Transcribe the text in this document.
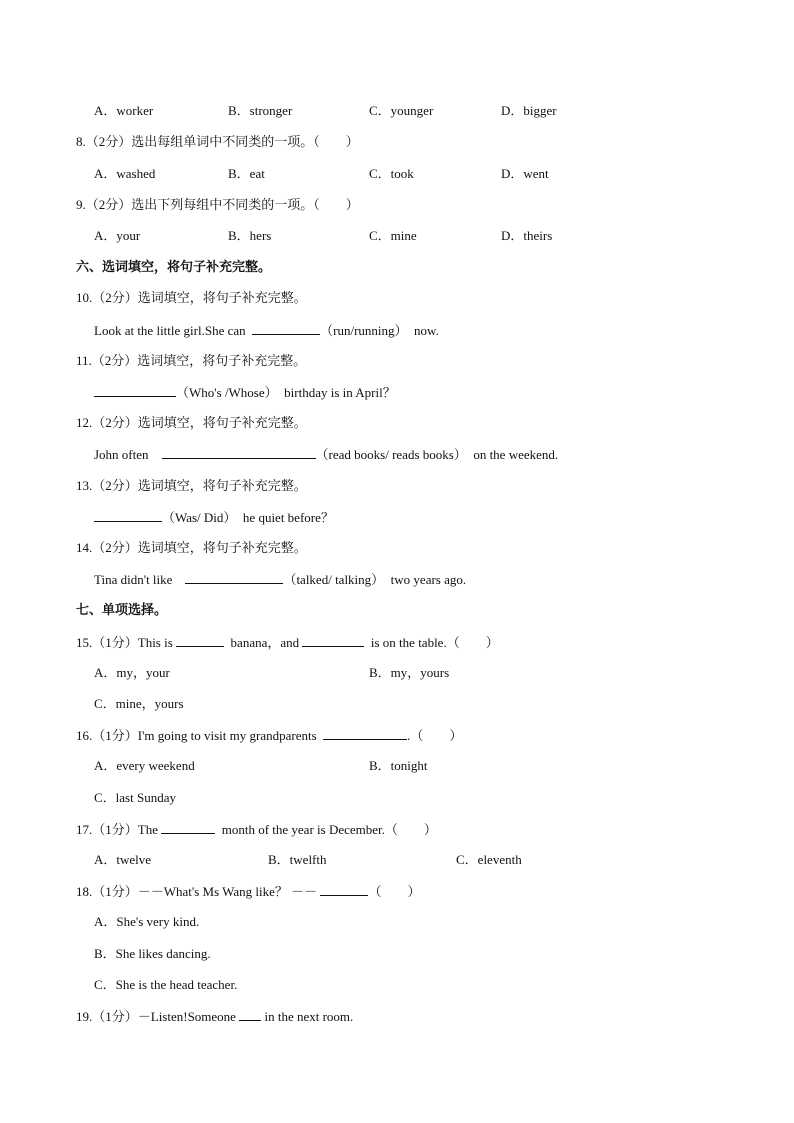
A．worker	B．stronger	C．younger	D．bigger
8.（2分）选出每组单词中不同类的一项。（　　）
A．washed	B．eat	C．took	D．went
9.（2分）选出下列每组中不同类的一项。（　　）
A．your	B．hers	C．mine	D．theirs
六、选词填空，将句子补充完整。
10.（2分）选词填空，将句子补充完整。
Look at the little girl.She can	（run/running） now.
11.（2分）选词填空，将句子补充完整。
（Who's /Whose） birthday is in April？
12.（2分）选词填空，将句子补充完整。
John often	（read books/ reads books） on the weekend.
13.（2分）选词填空，将句子补充完整。
（Was/ Did） he quiet before？
14.（2分）选词填空，将句子补充完整。
Tina didn't like	（talked/ talking） two years ago.
七、单项选择。
15.（1分）This is	banana，and	is on the table.（　　）
A．my，your	B．my，yours
C．mine，yours
16.（1分）I'm going to visit my grandparents	.（　　）
A．every weekend	B．tonight
C．last Sunday
17.（1分）The	month of the year is December.（　　）
A．twelve	B．twelfth	C．eleventh
18.（1分）－－What's Ms Wang like？ －－	（　　）
A．She's very kind.
B．She likes dancing.
C．She is the head teacher.
19.（1分）－Listen!Someone in the next room.
